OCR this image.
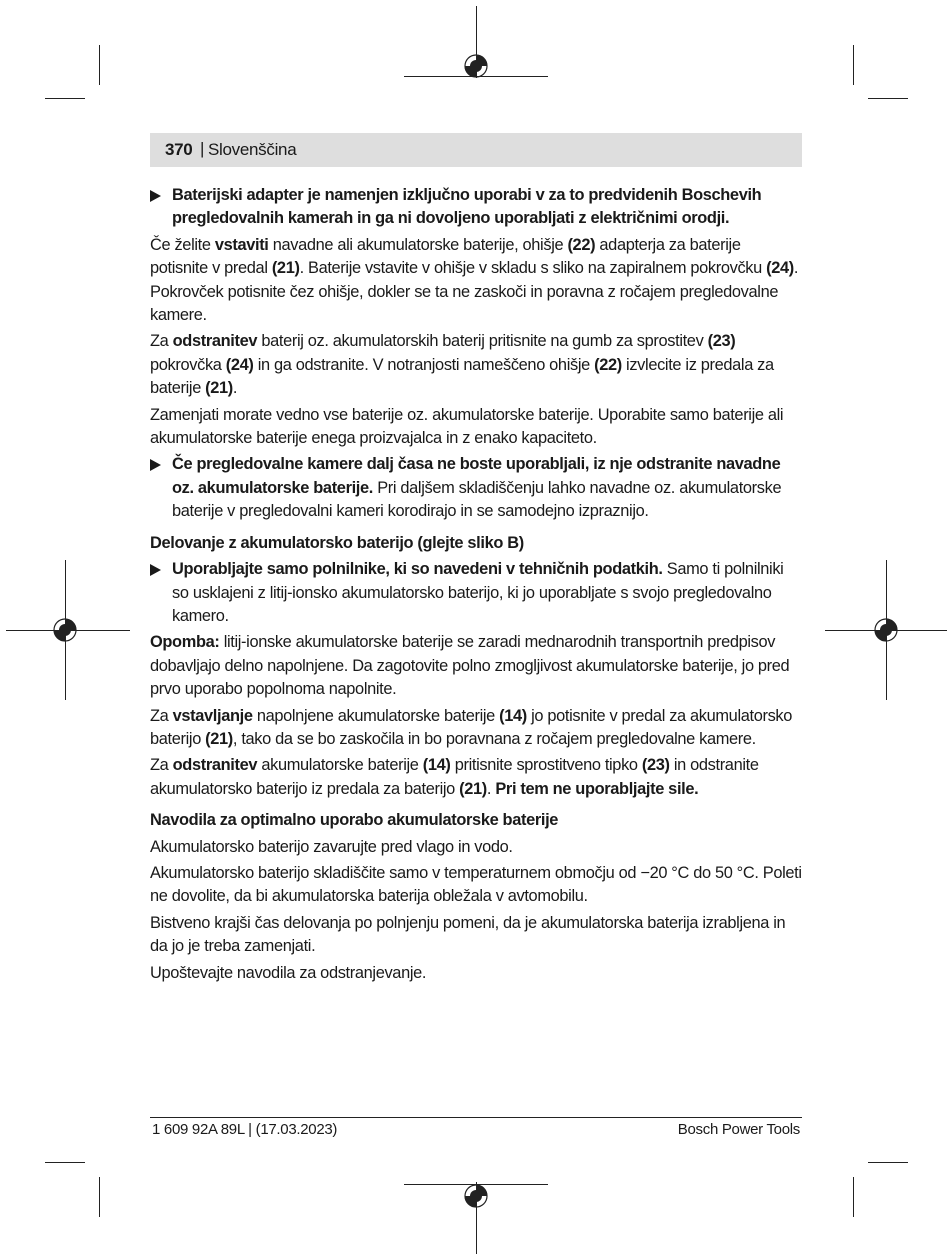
370 | Slovenščina
Baterijski adapter je namenjen izključno uporabi v za to predvidenih Boschevih pregledovalnih kamerah in ga ni dovoljeno uporabljati z električnimi orodji.

Če želite vstaviti navadne ali akumulatorske baterije, ohišje (22) adapterja za baterije potisnite v predal (21). Baterije vstavite v ohišje v skladu s sliko na zapiralnem pokrovčku (24). Pokrovček potisnite čez ohišje, dokler se ta ne zaskoči in poravna z ročajem pregledovalne kamere.

Za odstranitev baterij oz. akumulatorskih baterij pritisnite na gumb za sprostitev (23) pokrovčka (24) in ga odstranite. V notranjosti nameščeno ohišje (22) izvlecite iz predala za baterije (21).

Zamenjati morate vedno vse baterije oz. akumulatorske baterije. Uporabite samo baterije ali akumulatorske baterije enega proizvajalca in z enako kapaciteto.

Če pregledovalne kamere dalj časa ne boste uporabljali, iz nje odstranite navadne oz. akumulatorske baterije. Pri daljšem skladiščenju lahko navadne oz. akumulatorske baterije v pregledovalni kameri korodirajo in se samodejno izpraznijo.
Delovanje z akumulatorsko baterijo (glejte sliko B)
Uporabljajte samo polnilnike, ki so navedeni v tehničnih podatkih. Samo ti polnilniki so usklajeni z litij-ionsko akumulatorsko baterijo, ki jo uporabljate s svojo pregledovalno kamero.

Opomba: litij-ionske akumulatorske baterije se zaradi mednarodnih transportnih predpisov dobavljajo delno napolnjene. Da zagotovite polno zmogljivost akumulatorske baterije, jo pred prvo uporabo popolnoma napolnite.

Za vstavljanje napolnjene akumulatorske baterije (14) jo potisnite v predal za akumulatorsko baterijo (21), tako da se bo zaskočila in bo poravnana z ročajem pregledovalne kamere.

Za odstranitev akumulatorske baterije (14) pritisnite sprostitveno tipko (23) in odstranite akumulatorsko baterijo iz predala za baterijo (21). Pri tem ne uporabljajte sile.

Navodila za optimalno uporabo akumulatorske baterije

Akumulatorsko baterijo zavarujte pred vlago in vodo.

Akumulatorsko baterijo skladiščite samo v temperaturnem območju od −20 °C do 50 °C. Poleti ne dovolite, da bi akumulatorska baterija obležala v avtomobilu.

Bistveno krajši čas delovanja po polnjenju pomeni, da je akumulatorska baterija izrabljena in da jo je treba zamenjati.

Upoštevajte navodila za odstranjevanje.

1 609 92A 89L | (17.03.2023)	Bosch Power Tools
